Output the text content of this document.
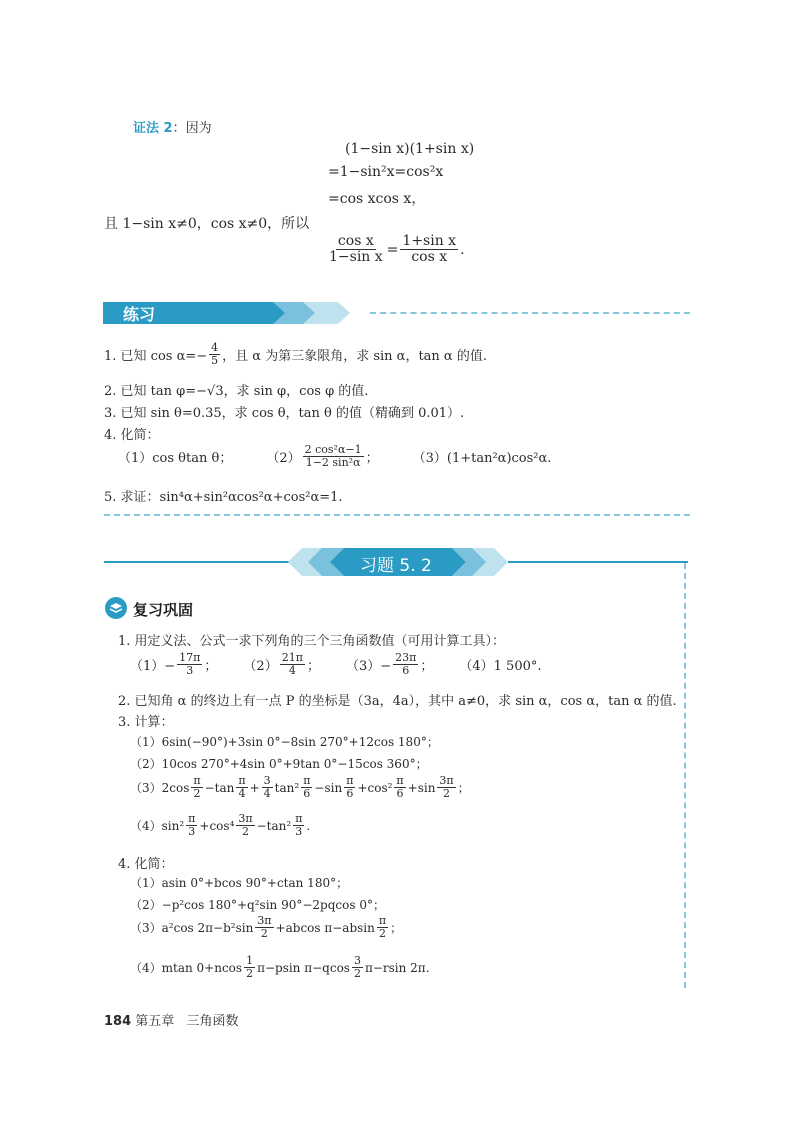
证法 2：因为
(1−sin x)(1+sin x)
=1−sin²x=cos²x
=cos xcos x，
且 1−sin x≠0，cos x≠0，所以
$\frac{\text{cos x}}{\text{1−sin x}} = \frac{\text{1+sin x}}{\text{cos x}}$ .
练习
1. 已知 $\cos \alpha=- \frac{4}{5}$ ，且 α 为第三象限角，求 sin α，tan α 的值.
2. 已知 tan φ=−√3，求 sin φ，cos φ 的值.
3. 已知 sin θ=0.35，求 cos θ，tan θ 的值（精确到 0.01）.
4. 化简：
（1）cos θtan θ；	$(2) \frac{\text{2 cos²α−1}}{\text{1−2 sin²α}}$ ；	（3）(1+tan²α)cos²α.
5. 求证：sin⁴α+sin²αcos²α+cos²α=1.
习题 5. 2
复习巩固
1. 用定义法、公式一求下列角的三个三角函数值（可用计算工具）：
$(1)- \frac{17\pi}{3}$ ； $(2) \frac{21\pi}{4}$ ； $(3)- \frac{23\pi}{6}$ ； （4）1 500°.
2. 已知角 α 的终边上有一点 P 的坐标是（3a，4a），其中 a≠0，求 sin α，cos α，tan α 的值.
3. 计算：
（1）6sin(−90°)+3sin 0°−8sin 270°+12cos 180°；
（2）10cos 270°+4sin 0°+9tan 0°−15cos 360°；
$(3)2\cos \frac{\pi}{2} -\tan \frac{\pi}{4} + \frac{3}{4} \tan^2 \frac{\pi}{6} -\sin \frac{\pi}{6} +\cos^2 \frac{\pi}{6} +\sin \frac{3\pi}{2}$ ；
$(4)\sin^2 \frac{\pi}{3} +\cos^4 \frac{3\pi}{2} -\tan^2 \frac{\pi}{3}$ .
4. 化简：
（1）asin 0°+bcos 90°+ctan 180°；
（2）−p²cos 180°+q²sin 90°−2pqcos 0°；
（3）a²cos $2\pi-b^2\sin \frac{3\pi}{2} +abcos$ $\pi-absin \frac{\pi}{2}$ ；
（4）mtan $0+ncos \frac{1}{2} \pi-psin$ $\pi-qcos \frac{3}{2} \pi-rsin$ 2π.
184 第五章 三角函数
